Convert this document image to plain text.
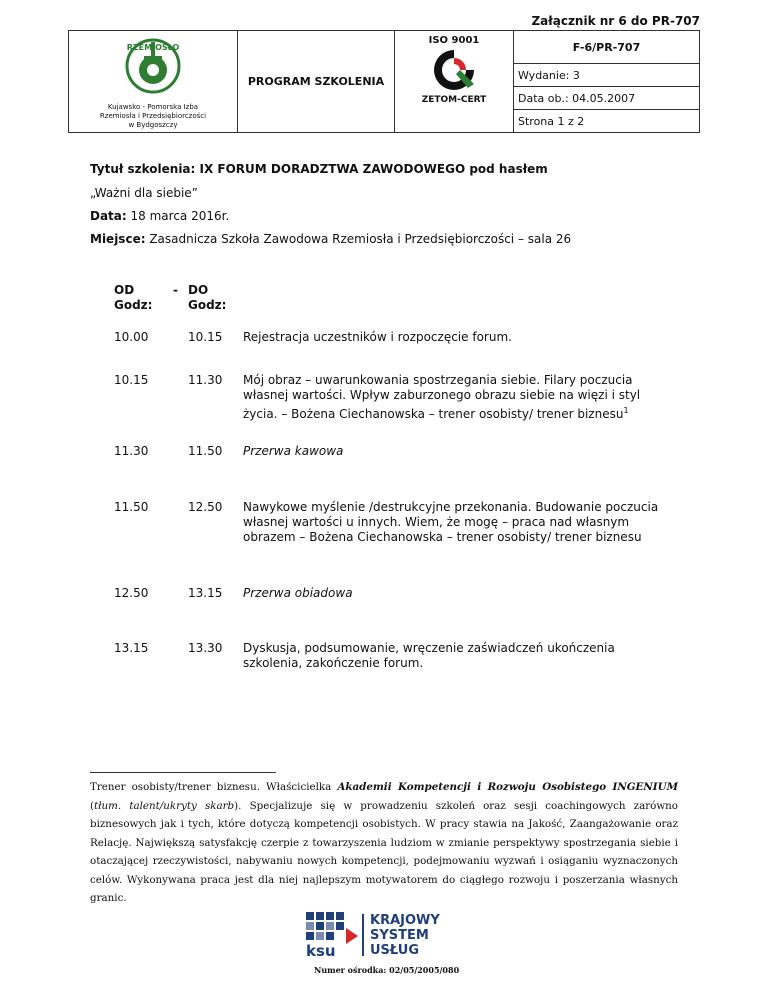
Załącznik nr 6 do PR-707
RZEMIOSŁO
Kujawsko - Pomorska Izba
Rzemiosła i Przedsiębiorczości
w Bydgoszczy
	PROGRAM SZKOLENIA	
ISO 9001
ZETOM-CERT
	F-6/PR-707
Wydanie: 3
Data ob.: 04.05.2007
Strona 1 z 2
Tytuł szkolenia: IX FORUM DORADZTWA ZAWODOWEGO pod hasłem
„Ważni dla siebie”
Data: 18 marca 2016r.
Miejsce: Zasadnicza Szkoła Zawodowa Rzemiosła i Przedsiębiorczości – sala 26
OD
Godz:
- DO
Godz:
10.00	10.15 Rejestracja uczestników i rozpoczęcie forum.
10.15	11.30 Mój obraz – uwarunkowania spostrzegania siebie. Filary poczucia własnej wartości. Wpływ zaburzonego obrazu siebie na więzi i styl życia. – Bożena Ciechanowska – trener osobisty/ trener biznesu$^1$
11.30	11.50 Przerwa kawowa
11.50	12.50 Nawykowe myślenie /destrukcyjne przekonania. Budowanie poczucia własnej wartości u innych. Wiem, że mogę – praca nad własnym obrazem – Bożena Ciechanowska – trener osobisty/ trener biznesu
12.50	13.15 Przerwa obiadowa
13.15	13.30 Dyskusja, podsumowanie, wręczenie zaświadczeń ukończenia szkolenia, zakończenie forum.
Trener osobisty/trener biznesu. Właścicielka Akademii Kompetencji i Rozwoju Osobistego INGENIUM (tłum. talent/ukryty skarb). Specjalizuje się w prowadzeniu szkoleń oraz sesji coachingowych zarówno biznesowych jak i tych, które dotyczą kompetencji osobistych. W pracy stawia na Jakość, Zaangażowanie oraz Relację. Największą satysfakcję czerpie z towarzyszenia ludziom w zmianie perspektywy spostrzegania siebie i otaczającej rzeczywistości, nabywaniu nowych kompetencji, podejmowaniu wyzwań i osiąganiu wyznaczonych celów. Wykonywana praca jest dla niej najlepszym motywatorem do ciągłego rozwoju i poszerzania własnych granic.
ksu
KRAJOWY
SYSTEM
USŁUG
Numer ośrodka: 02/05/2005/080
